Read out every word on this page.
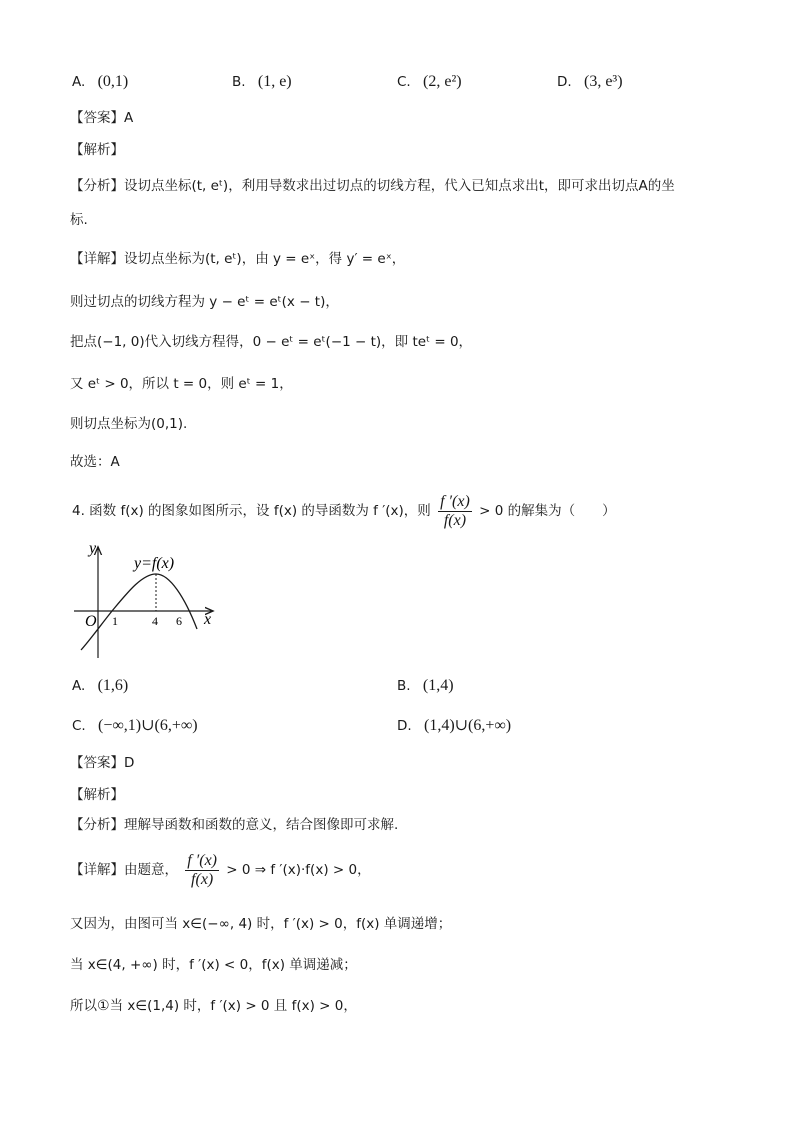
A. (0,1)	B. (1, e)	C. (2, e²)	D. (3, e³)
【答案】A
【解析】
【分析】设切点坐标(t, eᵗ)，利用导数求出过切点的切线方程，代入已知点求出t，即可求出切点A的坐
标.
【详解】设切点坐标为(t, eᵗ)，由 y = eˣ，得 y′ = eˣ，
则过切点的切线方程为 y − eᵗ = eᵗ(x − t)，
把点(−1, 0)代入切线方程得，0 − eᵗ = eᵗ(−1 − t)，即 teᵗ = 0，
又 eᵗ > 0，所以 t = 0，则 eᵗ = 1，
则切点坐标为(0,1).
故选：A
4. 函数 f(x) 的图象如图所示，设 f(x) 的导函数为 f ′(x)，则 $\frac{f '(x)}{f(x)} > 0$ 的解集为（　　）
y
x
O 1	4 6
y=f(x)
A. (1,6)	B. (1,4)
C. (−∞,1)∪(6,+∞)	D. (1,4)∪(6,+∞)
【答案】D
【解析】
【分析】理解导函数和函数的意义，结合图像即可求解.
【详解】由题意， $\frac{f '(x)}{f(x)} > 0$ ⇒ f ′(x)·f(x) > 0，
又因为，由图可当 x∈(−∞, 4) 时，f ′(x) > 0，f(x) 单调递增；
当 x∈(4, +∞) 时，f ′(x) < 0，f(x) 单调递减；
所以①当 x∈(1,4) 时，f ′(x) > 0 且 f(x) > 0，
